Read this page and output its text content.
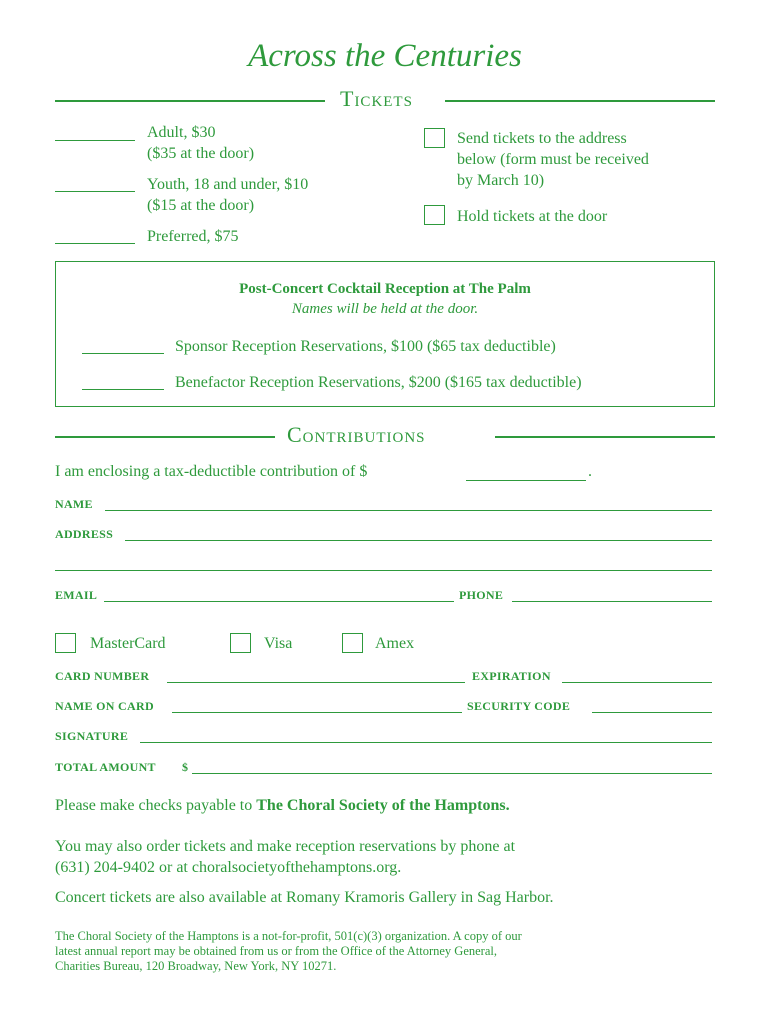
Across the Centuries
Tickets
Adult, $30
($35 at the door)
Youth, 18 and under, $10
($15 at the door)
Preferred, $75
Send tickets to the address
below (form must be received
by March 10)
Hold tickets at the door
Post-Concert Cocktail Reception at The Palm
Names will be held at the door.
Sponsor Reception Reservations, $100 ($65 tax deductible)
Benefactor Reception Reservations, $200 ($165 tax deductible)
Contributions
I am enclosing a tax-deductible contribution of $	.
NAME
ADDRESS
EMAIL	PHONE
MasterCard	Visa	Amex
CARD NUMBER	EXPIRATION
NAME ON CARD	SECURITY CODE
SIGNATURE
TOTAL AMOUNT $
Please make checks payable to The Choral Society of the Hamptons.
You may also order tickets and make reception reservations by phone at
(631) 204-9402 or at choralsocietyofthehamptons.org.
Concert tickets are also available at Romany Kramoris Gallery in Sag Harbor.
The Choral Society of the Hamptons is a not-for-profit, 501(c)(3) organization. A copy of our
latest annual report may be obtained from us or from the Office of the Attorney General,
Charities Bureau, 120 Broadway, New York, NY 10271.
